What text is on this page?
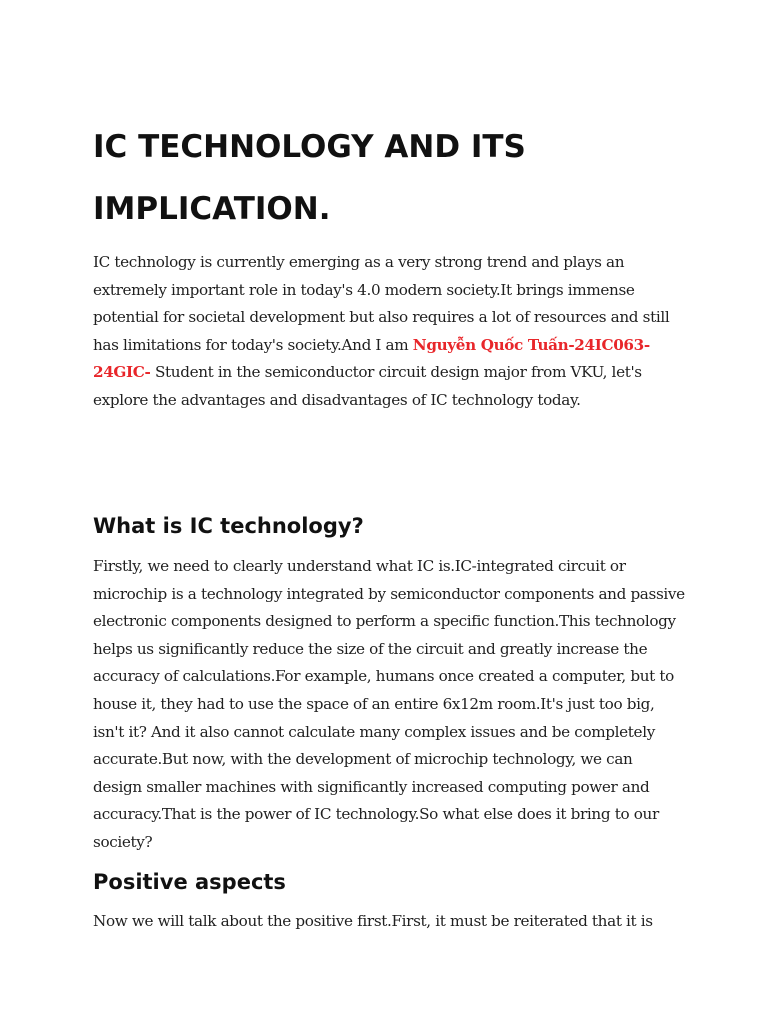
IC TECHNOLOGY AND ITS IMPLICATION.

IC technology is currently emerging as a very strong trend and plays an extremely important role in today's 4.0 modern society.It brings immense potential for societal development but also requires a lot of resources and still has limitations for today's society.And I am Nguyễn Quốc Tuấn-24IC063-24GIC- Student in the semiconductor circuit design major from VKU, let's explore the advantages and disadvantages of IC technology today.

What is IC technology?

Firstly, we need to clearly understand what IC is.IC-integrated circuit or microchip is a technology integrated by semiconductor components and passive electronic components designed to perform a specific function.This technology helps us significantly reduce the size of the circuit and greatly increase the accuracy of calculations.For example, humans once created a computer, but to house it, they had to use the space of an entire 6x12m room.It's just too big, isn't it? And it also cannot calculate many complex issues and be completely accurate.But now, with the development of microchip technology, we can design smaller machines with significantly increased computing power and accuracy.That is the power of IC technology.So what else does it bring to our society?

Positive aspects

Now we will talk about the positive first.First, it must be reiterated that it is
